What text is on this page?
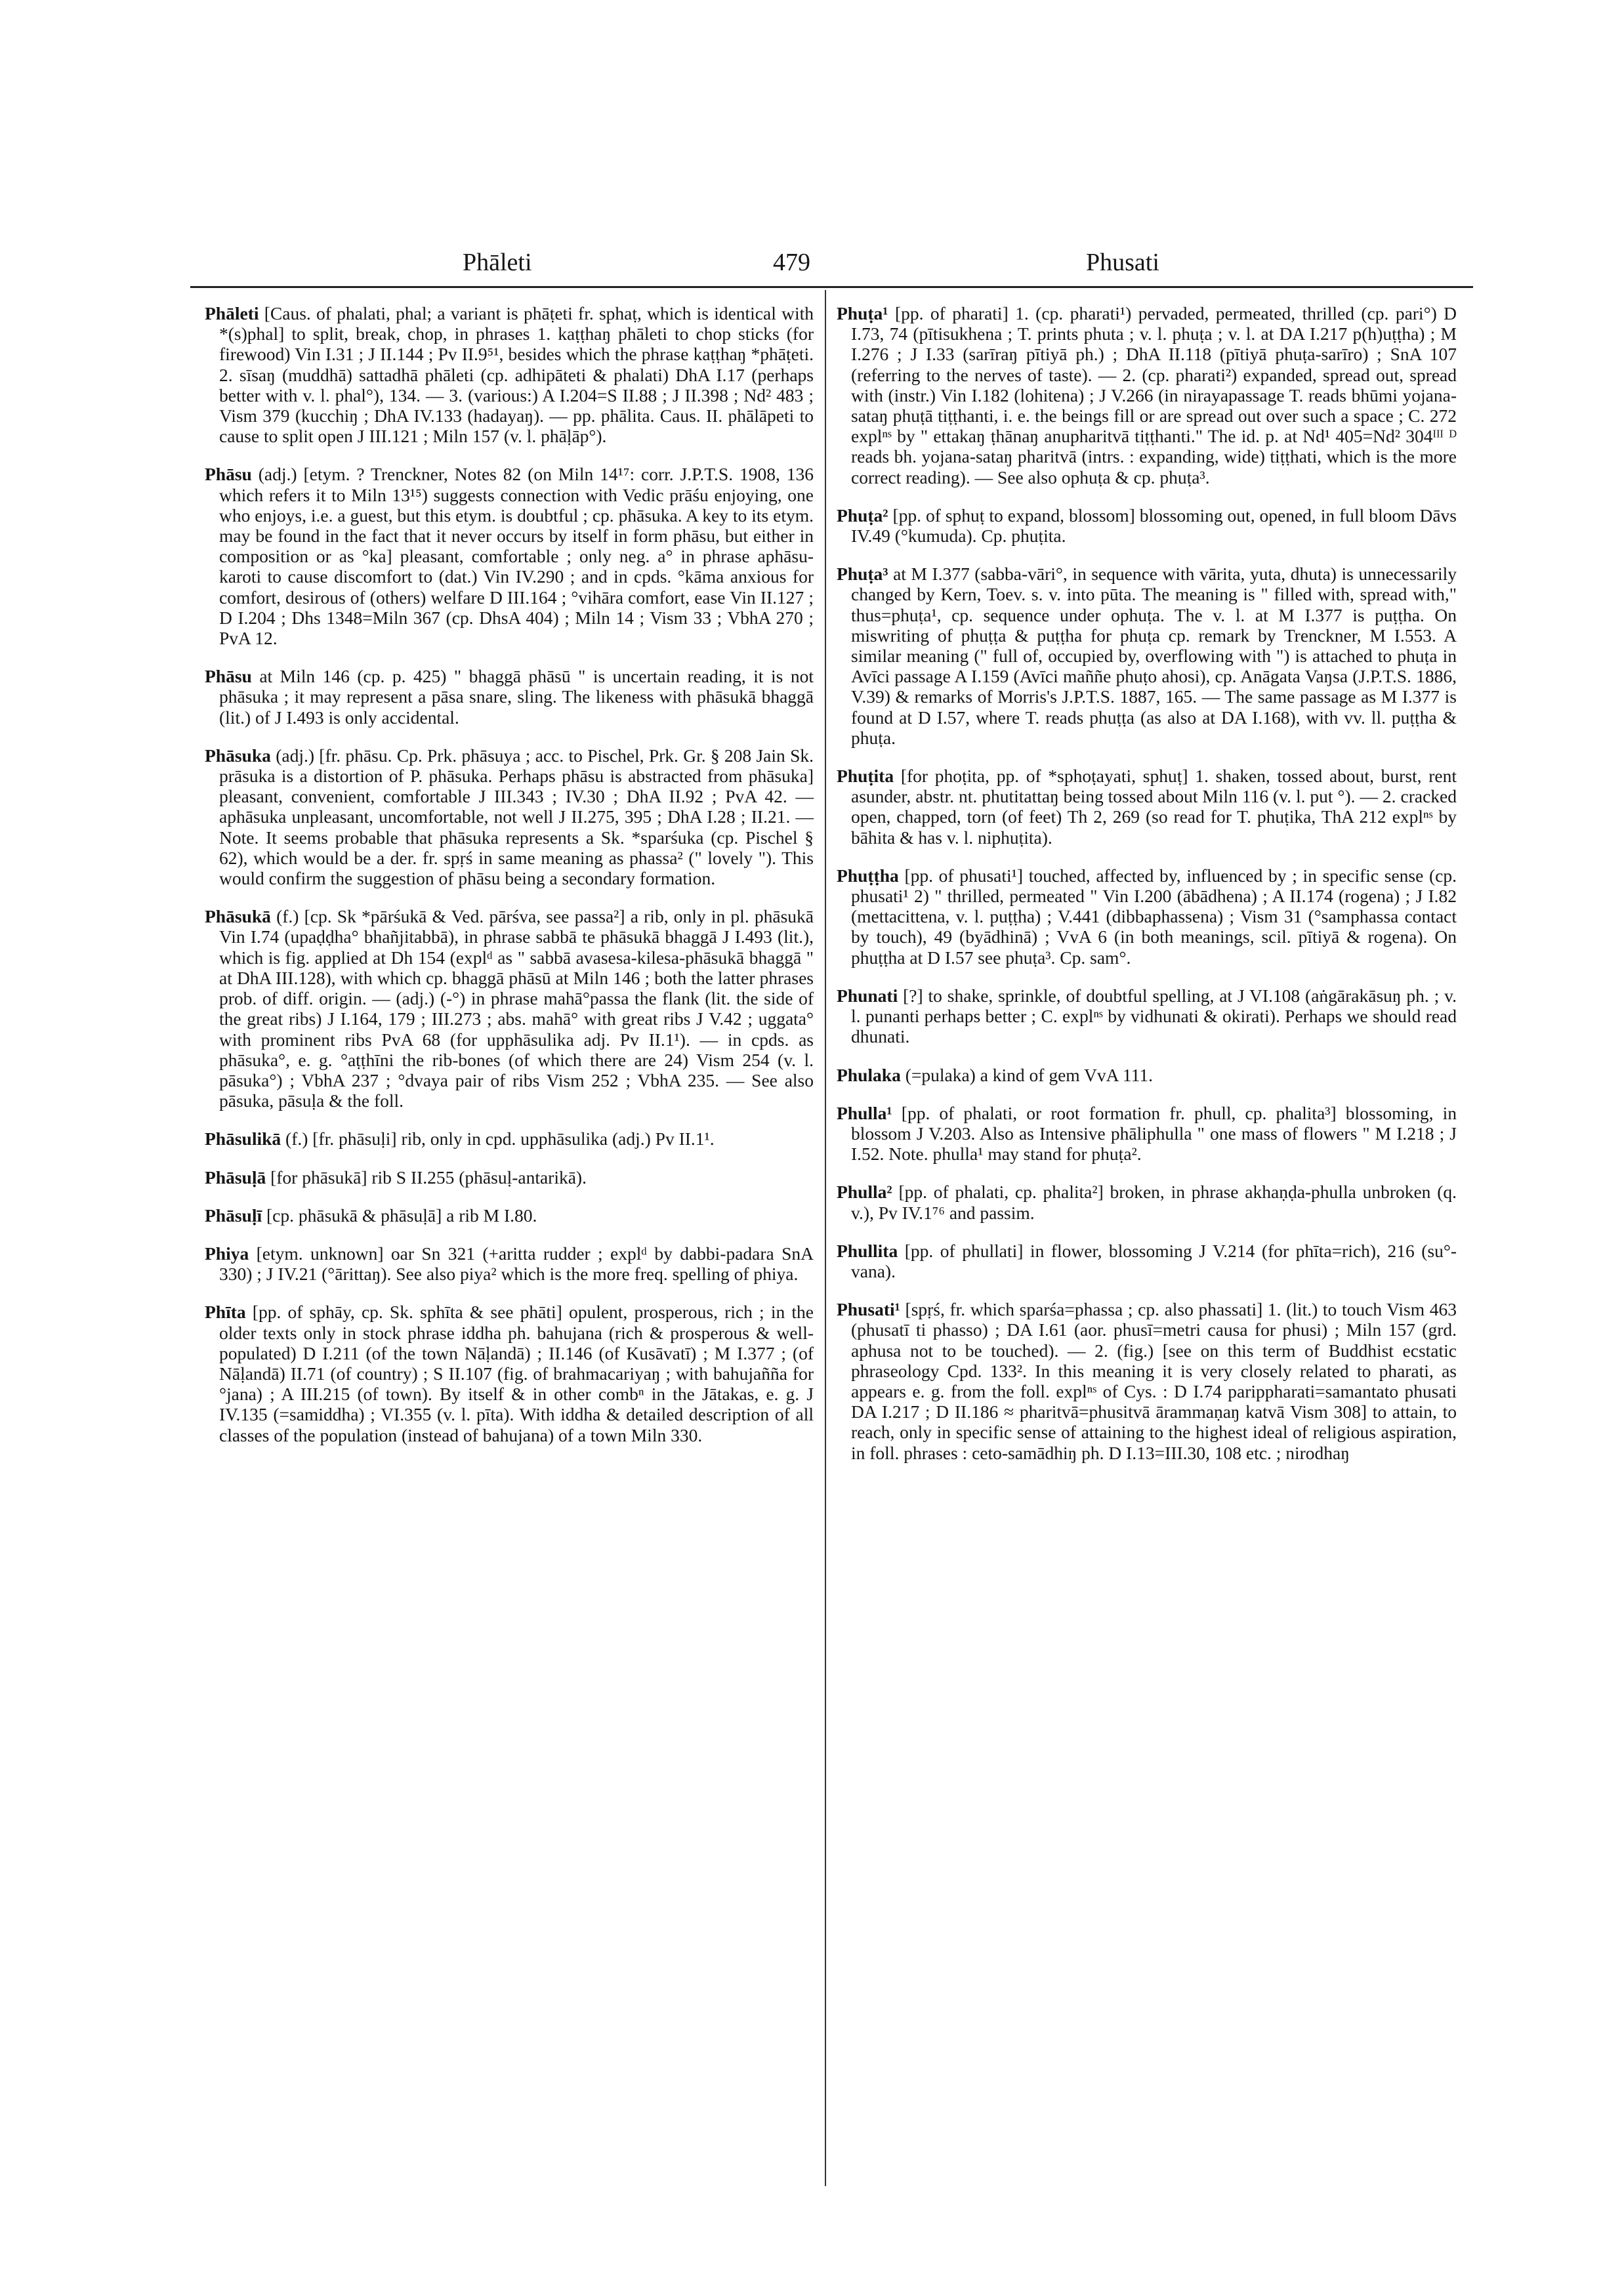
Phāleti	479	Phusati

Phāleti [Caus. of phalati, phal; a variant is phāṭeti fr. sphaṭ, which is identical with *(s)phal] to split, break, chop, in phrases 1. kaṭṭhaŋ phāleti to chop sticks (for firewood) Vin I.31 ; J II.144 ; Pv II.9⁵¹, besides which the phrase kaṭṭhaŋ *phāṭeti. 2. sīsaŋ (muddhā) sattadhā phāleti (cp. adhipāteti & phalati) DhA I.17 (perhaps better with v. l. phal°), 134. — 3. (various:) A I.204=S II.88 ; J II.398 ; Nd² 483 ; Vism 379 (kucchiŋ ; DhA IV.133 (hadayaŋ). — pp. phālita. Caus. II. phālāpeti to cause to split open J III.121 ; Miln 157 (v. l. phāḷāp°).

Phāsu (adj.) [etym. ? Trenckner, Notes 82 (on Miln 14¹⁷: corr. J.P.T.S. 1908, 136 which refers it to Miln 13¹⁵) suggests connection with Vedic prāśu enjoying, one who enjoys, i.e. a guest, but this etym. is doubtful ; cp. phāsuka. A key to its etym. may be found in the fact that it never occurs by itself in form phāsu, but either in composition or as °ka] pleasant, comfortable ; only neg. a° in phrase aphāsu-karoti to cause discomfort to (dat.) Vin IV.290 ; and in cpds. °kāma anxious for comfort, desirous of (others) welfare D III.164 ; °vihāra comfort, ease Vin II.127 ; D I.204 ; Dhs 1348=Miln 367 (cp. DhsA 404) ; Miln 14 ; Vism 33 ; VbhA 270 ; PvA 12.

Phāsu at Miln 146 (cp. p. 425) " bhaggā phāsū " is uncertain reading, it is not phāsuka ; it may represent a pāsa snare, sling. The likeness with phāsukā bhaggā (lit.) of J I.493 is only accidental.

Phāsuka (adj.) [fr. phāsu. Cp. Prk. phāsuya ; acc. to Pischel, Prk. Gr. § 208 Jain Sk. prāsuka is a distortion of P. phāsuka. Perhaps phāsu is abstracted from phāsuka] pleasant, convenient, comfortable J III.343 ; IV.30 ; DhA II.92 ; PvA 42. —aphāsuka unpleasant, uncomfortable, not well J II.275, 395 ; DhA I.28 ; II.21. — Note. It seems probable that phāsuka represents a Sk. *sparśuka (cp. Pischel § 62), which would be a der. fr. spṛś in same meaning as phassa² (" lovely "). This would confirm the suggestion of phāsu being a secondary formation.

Phāsukā (f.) [cp. Sk *pārśukā & Ved. pārśva, see passa²] a rib, only in pl. phāsukā Vin I.74 (upaḍḍha° bhañjitabbā), in phrase sabbā te phāsukā bhaggā J I.493 (lit.), which is fig. applied at Dh 154 (explᵈ as " sabbā avasesa-kilesa-phāsukā bhaggā " at DhA III.128), with which cp. bhaggā phāsū at Miln 146 ; both the latter phrases prob. of diff. origin. — (adj.) (-°) in phrase mahā°passa the flank (lit. the side of the great ribs) J I.164, 179 ; III.273 ; abs. mahā° with great ribs J V.42 ; uggata° with prominent ribs PvA 68 (for upphāsulika adj. Pv II.1¹). — in cpds. as phāsuka°, e. g. °aṭṭhīni the rib-bones (of which there are 24) Vism 254 (v. l. pāsuka°) ; VbhA 237 ; °dvaya pair of ribs Vism 252 ; VbhA 235. — See also pāsuka, pāsuḷa & the foll.

Phāsulikā (f.) [fr. phāsuḷi] rib, only in cpd. upphāsulika (adj.) Pv II.1¹.

Phāsuḷā [for phāsukā] rib S II.255 (phāsuḷ-antarikā).

Phāsuḷī [cp. phāsukā & phāsuḷā] a rib M I.80.

Phiya [etym. unknown] oar Sn 321 (+aritta rudder ; explᵈ by dabbi-padara SnA 330) ; J IV.21 (°ārittaŋ). See also piya² which is the more freq. spelling of phiya.

Phīta [pp. of sphāy, cp. Sk. sphīta & see phāti] opulent, prosperous, rich ; in the older texts only in stock phrase iddha ph. bahujana (rich & prosperous & well-populated) D I.211 (of the town Nāḷandā) ; II.146 (of Kusāvatī) ; M I.377 ; (of Nāḷandā) II.71 (of country) ; S II.107 (fig. of brahmacariyaŋ ; with bahujañña for °jana) ; A III.215 (of town). By itself & in other combⁿ in the Jātakas, e. g. J IV.135 (=samiddha) ; VI.355 (v. l. pīta). With iddha & detailed description of all classes of the population (instead of bahujana) of a town Miln 330.

Phuṭa¹ [pp. of pharati] 1. (cp. pharati¹) pervaded, permeated, thrilled (cp. pari°) D I.73, 74 (pītisukhena ; T. prints phuta ; v. l. phuṭa ; v. l. at DA I.217 p(h)uṭṭha) ; M I.276 ; J I.33 (sarīraŋ pītiyā ph.) ; DhA II.118 (pītiyā phuṭa-sarīro) ; SnA 107 (referring to the nerves of taste). — 2. (cp. pharati²) expanded, spread out, spread with (instr.) Vin I.182 (lohitena) ; J V.266 (in nirayapassage T. reads bhūmi yojana-sataŋ phuṭā tiṭṭhanti, i. e. the beings fill or are spread out over such a space ; C. 272 explⁿˢ by " ettakaŋ ṭhānaŋ anupharitvā tiṭṭhanti." The id. p. at Nd¹ 405=Nd² 304ᴵᴵᴵ ᴰ reads bh. yojana-sataŋ pharitvā (intrs. : expanding, wide) tiṭṭhati, which is the more correct reading). — See also ophuṭa & cp. phuṭa³.

Phuṭa² [pp. of sphuṭ to expand, blossom] blossoming out, opened, in full bloom Dāvs IV.49 (°kumuda). Cp. phuṭita.

Phuṭa³ at M I.377 (sabba-vāri°, in sequence with vārita, yuta, dhuta) is unnecessarily changed by Kern, Toev. s. v. into pūta. The meaning is " filled with, spread with," thus=phuṭa¹, cp. sequence under ophuṭa. The v. l. at M I.377 is puṭṭha. On miswriting of phuṭṭa & puṭṭha for phuṭa cp. remark by Trenckner, M I.553. A similar meaning (" full of, occupied by, overflowing with ") is attached to phuṭa in Avīci passage A I.159 (Avīci maññe phuṭo ahosi), cp. Anāgata Vaŋsa (J.P.T.S. 1886, V.39) & remarks of Morris's J.P.T.S. 1887, 165. — The same passage as M I.377 is found at D I.57, where T. reads phuṭṭa (as also at DA I.168), with vv. ll. puṭṭha & phuṭa.

Phuṭita [for phoṭita, pp. of *sphoṭayati, sphuṭ] 1. shaken, tossed about, burst, rent asunder, abstr. nt. phutitattaŋ being tossed about Miln 116 (v. l. put °). — 2. cracked open, chapped, torn (of feet) Th 2, 269 (so read for T. phuṭika, ThA 212 explⁿˢ by bāhita & has v. l. niphuṭita).

Phuṭṭha [pp. of phusati¹] touched, affected by, influenced by ; in specific sense (cp. phusati¹ 2) " thrilled, permeated " Vin I.200 (ābādhena) ; A II.174 (rogena) ; J I.82 (mettacittena, v. l. puṭṭha) ; V.441 (dibbaphassena) ; Vism 31 (°samphassa contact by touch), 49 (byādhinā) ; VvA 6 (in both meanings, scil. pītiyā & rogena). On phuṭṭha at D I.57 see phuṭa³. Cp. sam°.

Phunati [?] to shake, sprinkle, of doubtful spelling, at J VI.108 (aṅgārakāsuŋ ph. ; v. l. punanti perhaps better ; C. explⁿˢ by vidhunati & okirati). Perhaps we should read dhunati.

Phulaka (=pulaka) a kind of gem VvA 111.

Phulla¹ [pp. of phalati, or root formation fr. phull, cp. phalita³] blossoming, in blossom J V.203. Also as Intensive phāliphulla " one mass of flowers " M I.218 ; J I.52. Note. phulla¹ may stand for phuṭa².

Phulla² [pp. of phalati, cp. phalita²] broken, in phrase akhaṇḍa-phulla unbroken (q. v.), Pv IV.1⁷⁶ and passim.

Phullita [pp. of phullati] in flower, blossoming J V.214 (for phīta=rich), 216 (su°-vana).

Phusati¹ [spṛś, fr. which sparśa=phassa ; cp. also phassati] 1. (lit.) to touch Vism 463 (phusatī ti phasso) ; DA I.61 (aor. phusī=metri causa for phusi) ; Miln 157 (grd. aphusa not to be touched). — 2. (fig.) [see on this term of Buddhist ecstatic phraseology Cpd. 133². In this meaning it is very closely related to pharati, as appears e. g. from the foll. explⁿˢ of Cys. : D I.74 parippharati=samantato phusati DA I.217 ; D II.186 ≈ pharitvā=phusitvā ārammaṇaŋ katvā Vism 308] to attain, to reach, only in specific sense of attaining to the highest ideal of religious aspiration, in foll. phrases : ceto-samādhiŋ ph. D I.13=III.30, 108 etc. ; nirodhaŋ
